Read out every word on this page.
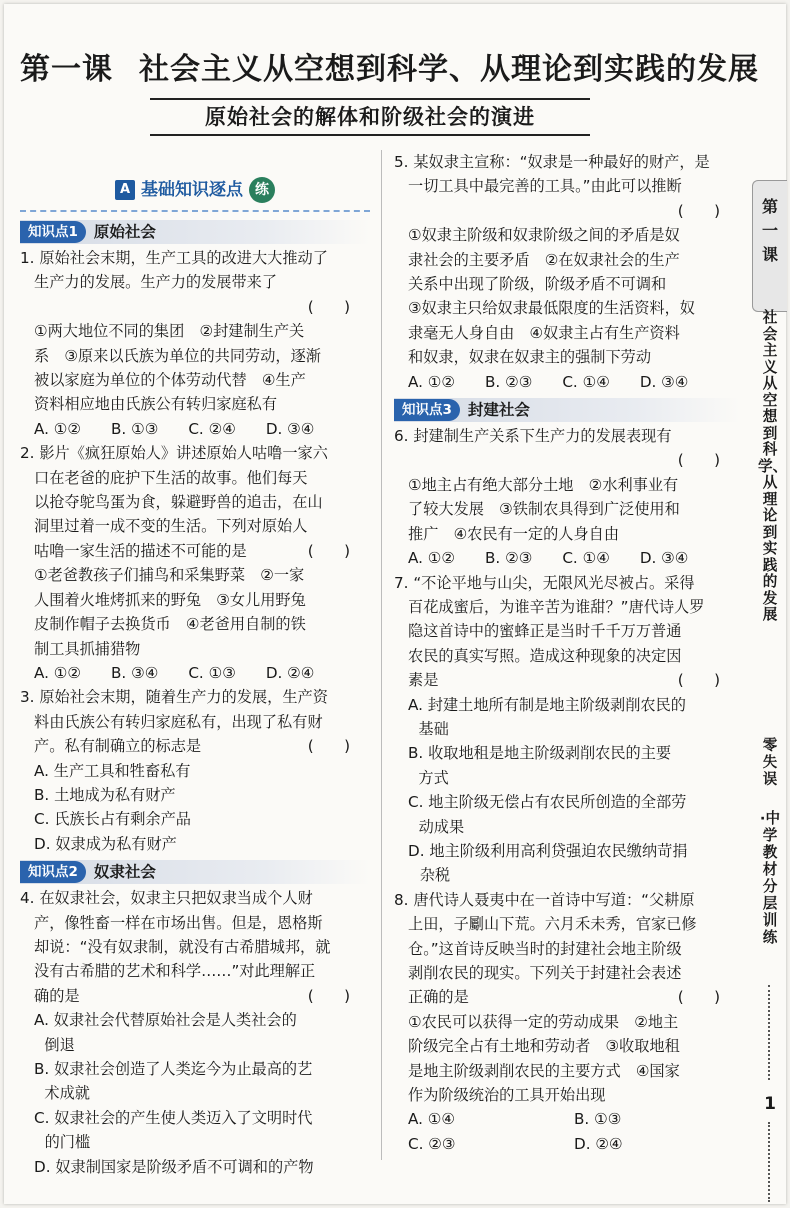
第一课 社会主义从空想到科学、从理论到实践的发展
原始社会的解体和阶级社会的演进
A 基础知识逐点 练
知识点1	原始社会
1. 原始社会末期，生产工具的改进大大推动了
生产力的发展。生产力的发展带来了
(　　)

①两大地位不同的集团　②封建制生产关
系　③原来以氏族为单位的共同劳动，逐渐
被以家庭为单位的个体劳动代替　④生产
资料相应地由氏族公有转归家庭私有
A. ①② B. ①③ C. ②④ D. ③④
2. 影片《疯狂原始人》讲述原始人咕噜一家六
口在老爸的庇护下生活的故事。他们每天
以抢夺鸵鸟蛋为食，躲避野兽的追击，在山
洞里过着一成不变的生活。下列对原始人
(　　)
咕噜一家生活的描述不可能的是
①老爸教孩子们捕鸟和采集野菜　②一家
人围着火堆烤抓来的野兔　③女儿用野兔
皮制作帽子去换货币　④老爸用自制的铁
制工具抓捕猎物
A. ①② B. ③④ C. ①③ D. ②④
3. 原始社会末期，随着生产力的发展，生产资
料由氏族公有转归家庭私有，出现了私有财
(　　)
产。私有制确立的标志是
A. 生产工具和牲畜私有
B. 土地成为私有财产
C. 氏族长占有剩余产品
D. 奴隶成为私有财产
知识点2	奴隶社会
4. 在奴隶社会，奴隶主只把奴隶当成个人财
产，像牲畜一样在市场出售。但是，恩格斯
却说：“没有奴隶制，就没有古希腊城邦，就
没有古希腊的艺术和科学……”对此理解正
(　　)
确的是
A. 奴隶社会代替原始社会是人类社会的
倒退
B. 奴隶社会创造了人类迄今为止最高的艺
术成就
C. 奴隶社会的产生使人类迈入了文明时代
的门槛
D. 奴隶制国家是阶级矛盾不可调和的产物
5. 某奴隶主宣称：“奴隶是一种最好的财产，是
一切工具中最完善的工具。”由此可以推断
(　　)

①奴隶主阶级和奴隶阶级之间的矛盾是奴
隶社会的主要矛盾　②在奴隶社会的生产
关系中出现了阶级，阶级矛盾不可调和
③奴隶主只给奴隶最低限度的生活资料，奴
隶毫无人身自由　④奴隶主占有生产资料
和奴隶，奴隶在奴隶主的强制下劳动
A. ①② B. ②③ C. ①④ D. ③④
知识点3	封建社会
6. 封建制生产关系下生产力的发展表现有
(　　)

①地主占有绝大部分土地　②水利事业有
了较大发展　③铁制农具得到广泛使用和
推广　④农民有一定的人身自由
A. ①② B. ②③ C. ①④ D. ③④
7. “不论平地与山尖，无限风光尽被占。采得
百花成蜜后，为谁辛苦为谁甜？”唐代诗人罗
隐这首诗中的蜜蜂正是当时千千万万普通
农民的真实写照。造成这种现象的决定因
(　　)
素是
A. 封建土地所有制是地主阶级剥削农民的
基础
B. 收取地租是地主阶级剥削农民的主要
方式
C. 地主阶级无偿占有农民所创造的全部劳
动成果
D. 地主阶级利用高利贷强迫农民缴纳苛捐
杂税
8. 唐代诗人聂夷中在一首诗中写道：“父耕原
上田，子劚山下荒。六月禾未秀，官家已修
仓。”这首诗反映当时的封建社会地主阶级
剥削农民的现实。下列关于封建社会表述
(　　)
正确的是
①农民可以获得一定的劳动成果　②地主
阶级完全占有土地和劳动者　③收取地租
是地主阶级剥削农民的主要方式　④国家
作为阶级统治的工具开始出现
A. ①④	B. ①③
C. ②③	D. ②④
第
一
课
社会主义从空想到科学、从理论到实践的发展
零失误
·中学教材分层训练
1
